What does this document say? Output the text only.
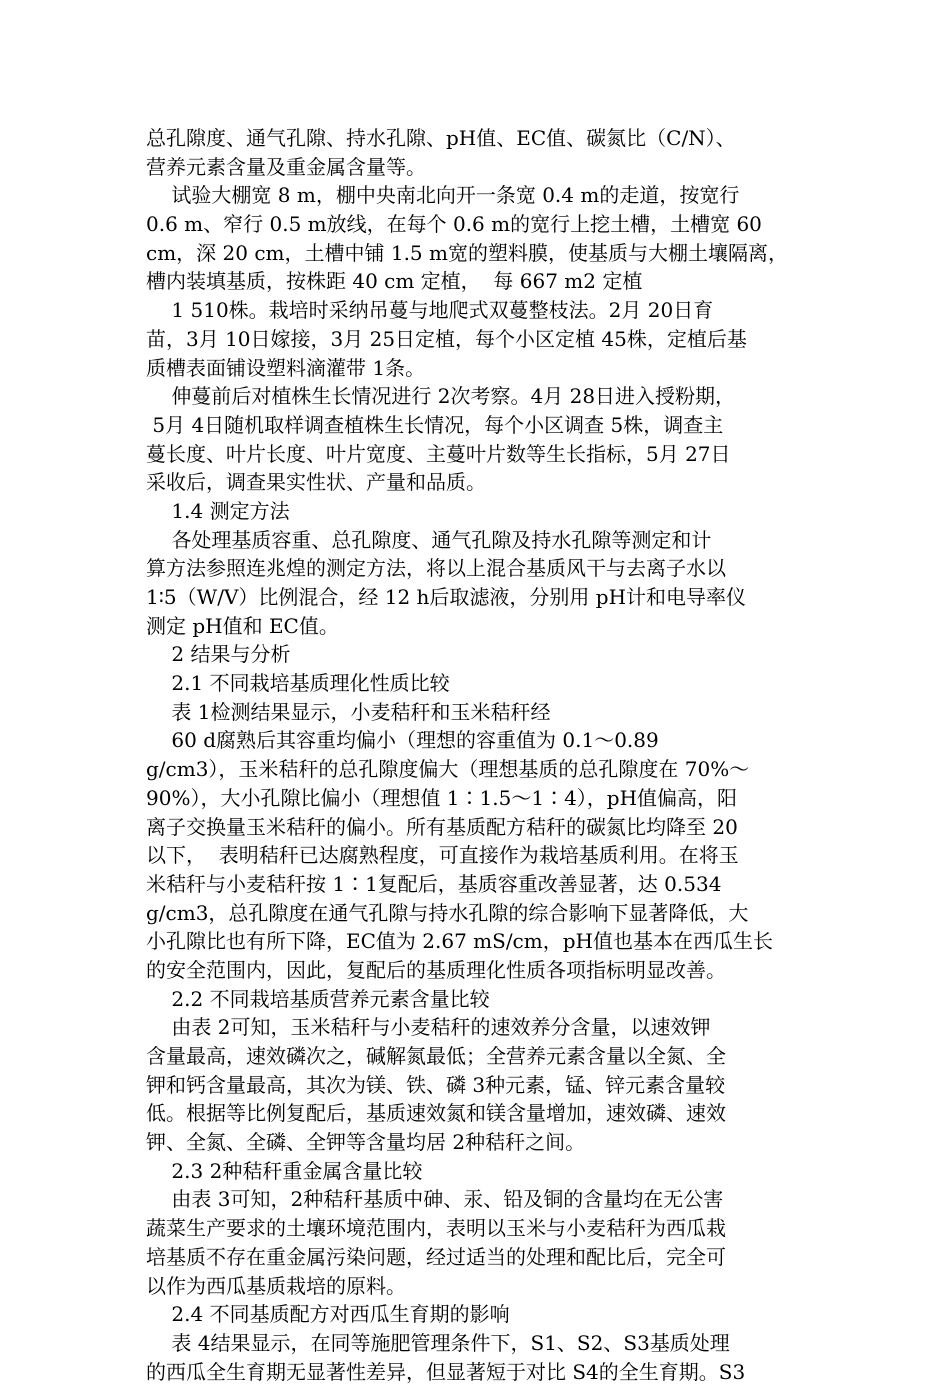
总孔隙度、通气孔隙、持水孔隙、pH值、EC值、碳氮比（C/N）、
营养元素含量及重金属含量等。
试验大棚宽 8 m，棚中央南北向开一条宽 0.4 m的走道，按宽行
0.6 m、窄行 0.5 m放线，在每个 0.6 m的宽行上挖土槽，土槽宽 60
cm，深 20 cm，土槽中铺 1.5 m宽的塑料膜，使基质与大棚土壤隔离，
槽内装填基质，按株距 40 cm 定植，  每 667 m2 定植
1 510株。栽培时采纳吊蔓与地爬式双蔓整枝法。2月 20日育
苗，3月 10日嫁接，3月 25日定植，每个小区定植 45株，定植后基
质槽表面铺设塑料滴灌带 1条。
伸蔓前后对植株生长情况进行 2次考察。4月 28日进入授粉期，
5月 4日随机取样调查植株生长情况，每个小区调查 5株，调查主
蔓长度、叶片长度、叶片宽度、主蔓叶片数等生长指标，5月 27日
采收后，调查果实性状、产量和品质。
1.4 测定方法
各处理基质容重、总孔隙度、通气孔隙及持水孔隙等测定和计
算方法参照连兆煌的测定方法，将以上混合基质风干与去离子水以
1∶5（W/V）比例混合，经 12 h后取滤液，分别用 pH计和电导率仪
测定 pH值和 EC值。
2 结果与分析
2.1 不同栽培基质理化性质比较
表 1检测结果显示，小麦秸秆和玉米秸秆经
60 d腐熟后其容重均偏小（理想的容重值为 0.1～0.89
g/cm3），玉米秸秆的总孔隙度偏大（理想基质的总孔隙度在 70%～
90%），大小孔隙比偏小（理想值 1∶1.5～1∶4），pH值偏高，阳
离子交换量玉米秸秆的偏小。所有基质配方秸秆的碳氮比均降至 20
以下，  表明秸秆已达腐熟程度，可直接作为栽培基质利用。在将玉
米秸秆与小麦秸秆按 1∶1复配后，基质容重改善显著，达 0.534
g/cm3，总孔隙度在通气孔隙与持水孔隙的综合影响下显著降低，大
小孔隙比也有所下降，EC值为 2.67 mS/cm，pH值也基本在西瓜生长
的安全范围内，因此，复配后的基质理化性质各项指标明显改善。
2.2 不同栽培基质营养元素含量比较
由表 2可知，玉米秸秆与小麦秸秆的速效养分含量，以速效钾
含量最高，速效磷次之，碱解氮最低；全营养元素含量以全氮、全
钾和钙含量最高，其次为镁、铁、磷 3种元素，锰、锌元素含量较
低。根据等比例复配后，基质速效氮和镁含量增加，速效磷、速效
钾、全氮、全磷、全钾等含量均居 2种秸秆之间。
2.3 2种秸秆重金属含量比较
由表 3可知，2种秸秆基质中砷、汞、铅及铜的含量均在无公害
蔬菜生产要求的土壤环境范围内，表明以玉米与小麦秸秆为西瓜栽
培基质不存在重金属污染问题，经过适当的处理和配比后，完全可
以作为西瓜基质栽培的原料。
2.4 不同基质配方对西瓜生育期的影响
表 4结果显示，在同等施肥管理条件下，S1、S2、S3基质处理
的西瓜全生育期无显著性差异，但显著短于对比 S4的全生育期。S3
